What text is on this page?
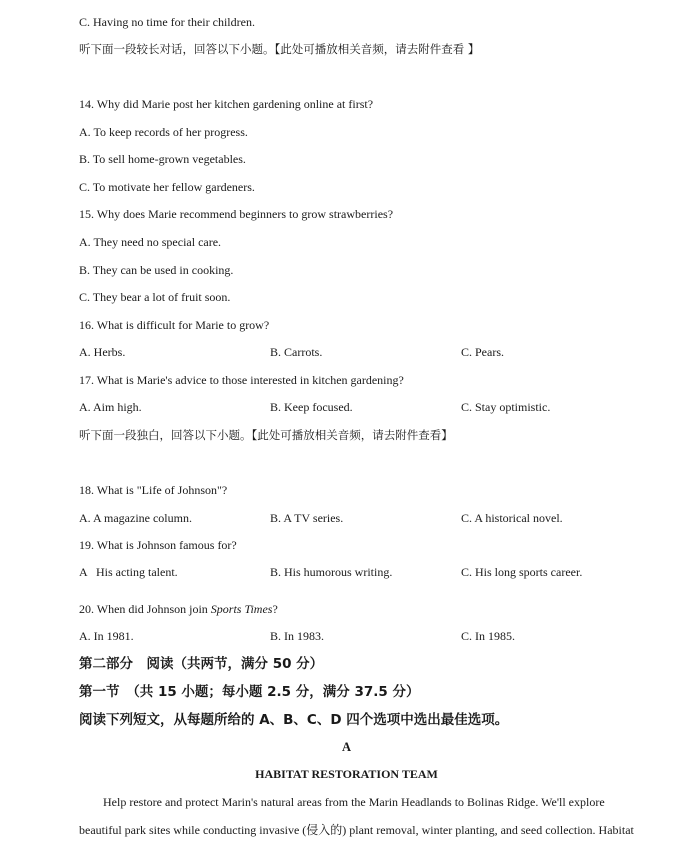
C. Having no time for their children.
听下面一段较长对话，回答以下小题。【此处可播放相关音频，请去附件查看 】
14. Why did Marie post her kitchen gardening online at first?
A. To keep records of her progress.
B. To sell home-grown vegetables.
C. To motivate her fellow gardeners.
15. Why does Marie recommend beginners to grow strawberries?
A. They need no special care.
B. They can be used in cooking.
C. They bear a lot of fruit soon.
16. What is difficult for Marie to grow?
A. Herbs.	B. Carrots.	C. Pears.
17. What is Marie's advice to those interested in kitchen gardening?
A. Aim high.	B. Keep focused.	C. Stay optimistic.
听下面一段独白，回答以下小题。【此处可播放相关音频，请去附件查看】
18. What is "Life of Johnson"?
A. A magazine column.	B. A TV series.	C. A historical novel.
19. What is Johnson famous for?
A   His acting talent.	B. His humorous writing.	C. His long sports career.
20. When did Johnson join Sports Times?
A. In 1981.	B. In 1983.	C. In 1985.
第二部分　阅读（共两节，满分 50 分）
第一节　（共 15 小题；每小题 2.5 分，满分 37.5 分）
阅读下列短文，从每题所给的 A、B、C、D 四个选项中选出最佳选项。
A
HABITAT RESTORATION TEAM
Help restore and protect Marin's natural areas from the Marin Headlands to Bolinas Ridge. We'll explore
beautiful park sites while conducting invasive (侵入的) plant removal, winter planting, and seed collection. Habitat
